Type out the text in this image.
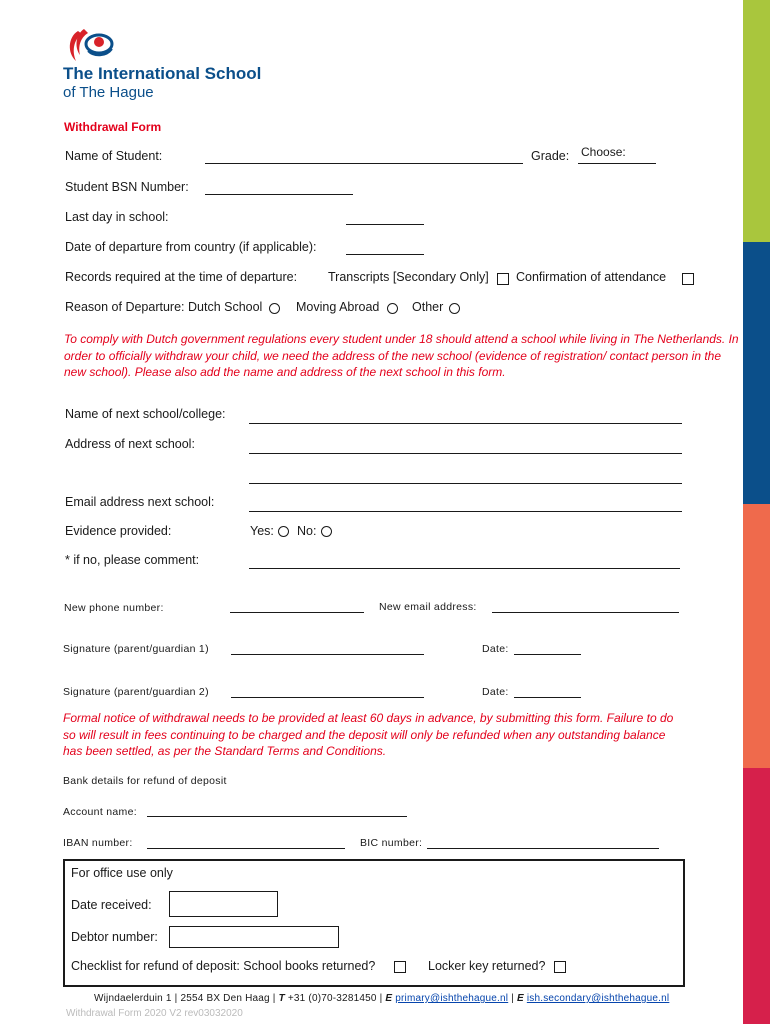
The International School
of The Hague
Withdrawal Form
Name of Student:	Grade: Choose:
Student BSN Number:
Last day in school:
Date of departure from country (if applicable):
Records required at the time of departure: Transcripts [Secondary Only] Confirmation of attendance
Reason of Departure: Dutch School	Moving Abroad	Other
To comply with Dutch government regulations every student under 18 should attend a school while living in The Netherlands. In order to officially withdraw your child, we need the address of the new school (evidence of registration/ contact person in the new school). Please also add the name and address of the next school in this form.
Name of next school/college:
Address of next school:
Email address next school:
Evidence provided:	Yes: No:
* if no, please comment:
New phone number:	New email address:
Signature (parent/guardian 1)	Date:
Signature (parent/guardian 2)	Date:
Formal notice of withdrawal needs to be provided at least 60 days in advance, by submitting this form. Failure to do so will result in fees continuing to be charged and the deposit will only be refunded when any outstanding balance has been settled, as per the Standard Terms and Conditions.
Bank details for refund of deposit
Account name:
IBAN number:	BIC number:
For office use only
Date received:
Debtor number:
Checklist for refund of deposit: School books returned?	Locker key returned?
Wijndaelerduin 1 | 2554 BX Den Haag | T +31 (0)70-3281450 | E primary@ishthehague.nl | E ish.secondary@ishthehague.nl
Withdrawal Form 2020 V2 rev03032020
